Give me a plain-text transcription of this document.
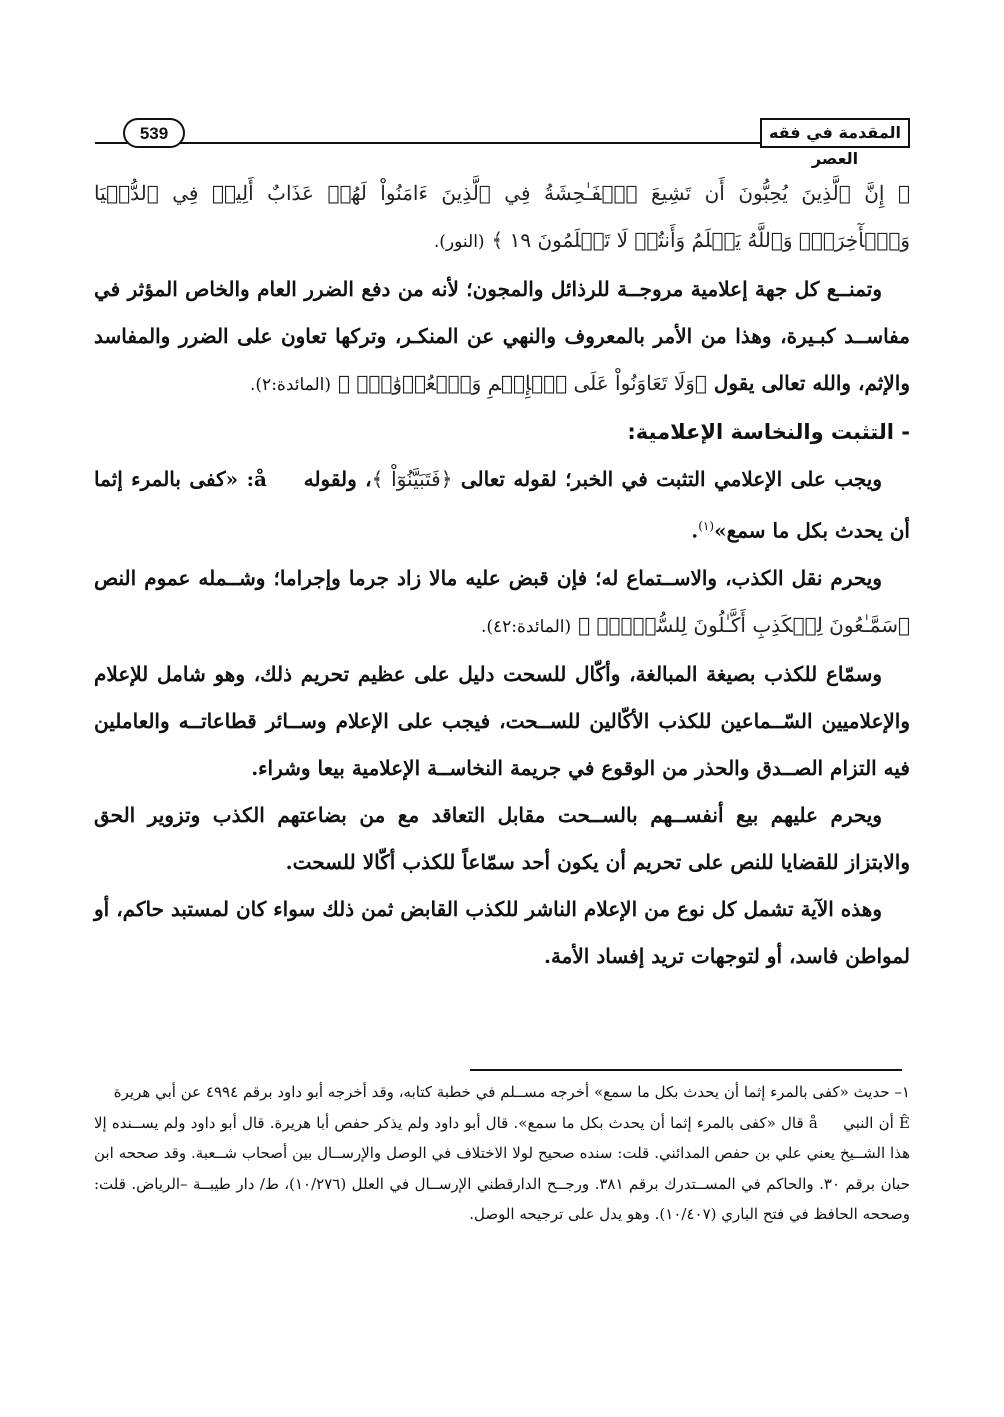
539	المقدمة في فقه العصر

﴿ إِنَّ ٱلَّذِينَ يُحِبُّونَ أَن تَشِيعَ ٱلۡفَـٰحِشَةُ فِي ٱلَّذِينَ ءَامَنُواْ لَهُمۡ عَذَابٌ أَلِيمٞ فِي ٱلدُّنۡيَا وَٱلۡأٓخِرَةِۚ وَٱللَّهُ يَعۡلَمُ وَأَنتُمۡ لَا تَعۡلَمُونَ ١٩ ﴾ (النور).

وتمنــع كل جهة إعلامية مروجــة للرذائل والمجون؛ لأنه من دفع الضرر العام والخاص المؤثر في مفاســد كبـيرة، وهذا من الأمر بالمعروف والنهي عن المنكـر، وتركها تعاون على الضرر والمفاسد والإثم، والله تعالى يقول ﴿وَلَا تَعَاوَنُواْ عَلَى ٱلۡإِثۡمِ وَٱلۡعُدۡوَٰنِۚ ﴾ (المائدة:٢).

- التثبت والنخاسة الإعلامية:

ويجب على الإعلامي التثبت في الخبر؛ لقوله تعالى ﴿فَتَبَيَّنُوٓاْ ﴾، ولقوله   å: «كفى بالمرء إثما أن يحدث بكل ما سمع»$^{(١)}$.

ويحرم نقل الكذب، والاســتماع له؛ فإن قبض عليه مالا زاد جرما وإجراما؛ وشــمله عموم النص ﴿سَمَّـٰعُونَ لِلۡكَذِبِ أَكَّـٰلُونَ لِلسُّحۡتِۚ ﴾ (المائدة:٤٢).

وسمّاع للكذب بصيغة المبالغة، وأكّال للسحت دليل على عظيم تحريم ذلك، وهو شامل للإعلام والإعلاميين السّــماعين للكذب الأكّالين للســحت، فيجب على الإعلام وســائر قطاعاتــه والعاملين فيه التزام الصــدق والحذر من الوقوع في جريمة النخاســة الإعلامية بيعا وشراء.

ويحرم عليهم بيع أنفســهم بالســحت مقابل التعاقد مع من بضاعتهم الكذب وتزوير الحق والابتزاز للقضايا للنص على تحريم أن يكون أحد سمّاعاً للكذب أكّالا للسحت.

وهذه الآية تشمل كل نوع من الإعلام الناشر للكذب القابض ثمن ذلك سواء كان لمستبد حاكم، أو لمواطن فاسد، أو لتوجهات تريد إفساد الأمة.

١– حديث «كفى بالمرء إثما أن يحدث بكل ما سمع» أخرجه مســلم في خطبة كتابه، وقد أخرجه أبو داود برقم ٤٩٩٤ عن أبي هريرة   Ê أن النبي   å قال «كفى بالمرء إثما أن يحدث بكل ما سمع». قال أبو داود ولم يذكر حفص أبا هريرة. قال أبو داود ولم يســنده إلا هذا الشــيخ يعني علي بن حفص المدائني. قلت: سنده صحيح لولا الاختلاف في الوصل والإرســال بين أصحاب شــعبة. وقد صححه ابن حبان برقم ٣٠. والحاكم في المســتدرك برقم ٣٨١. ورجــح الدارقطني الإرســال في العلل (١٠/٢٧٦)، ط/ دار طيبــة –الرياض. قلت: وصححه الحافظ في فتح الباري (١٠/٤٠٧). وهو يدل على ترجيحه الوصل.
